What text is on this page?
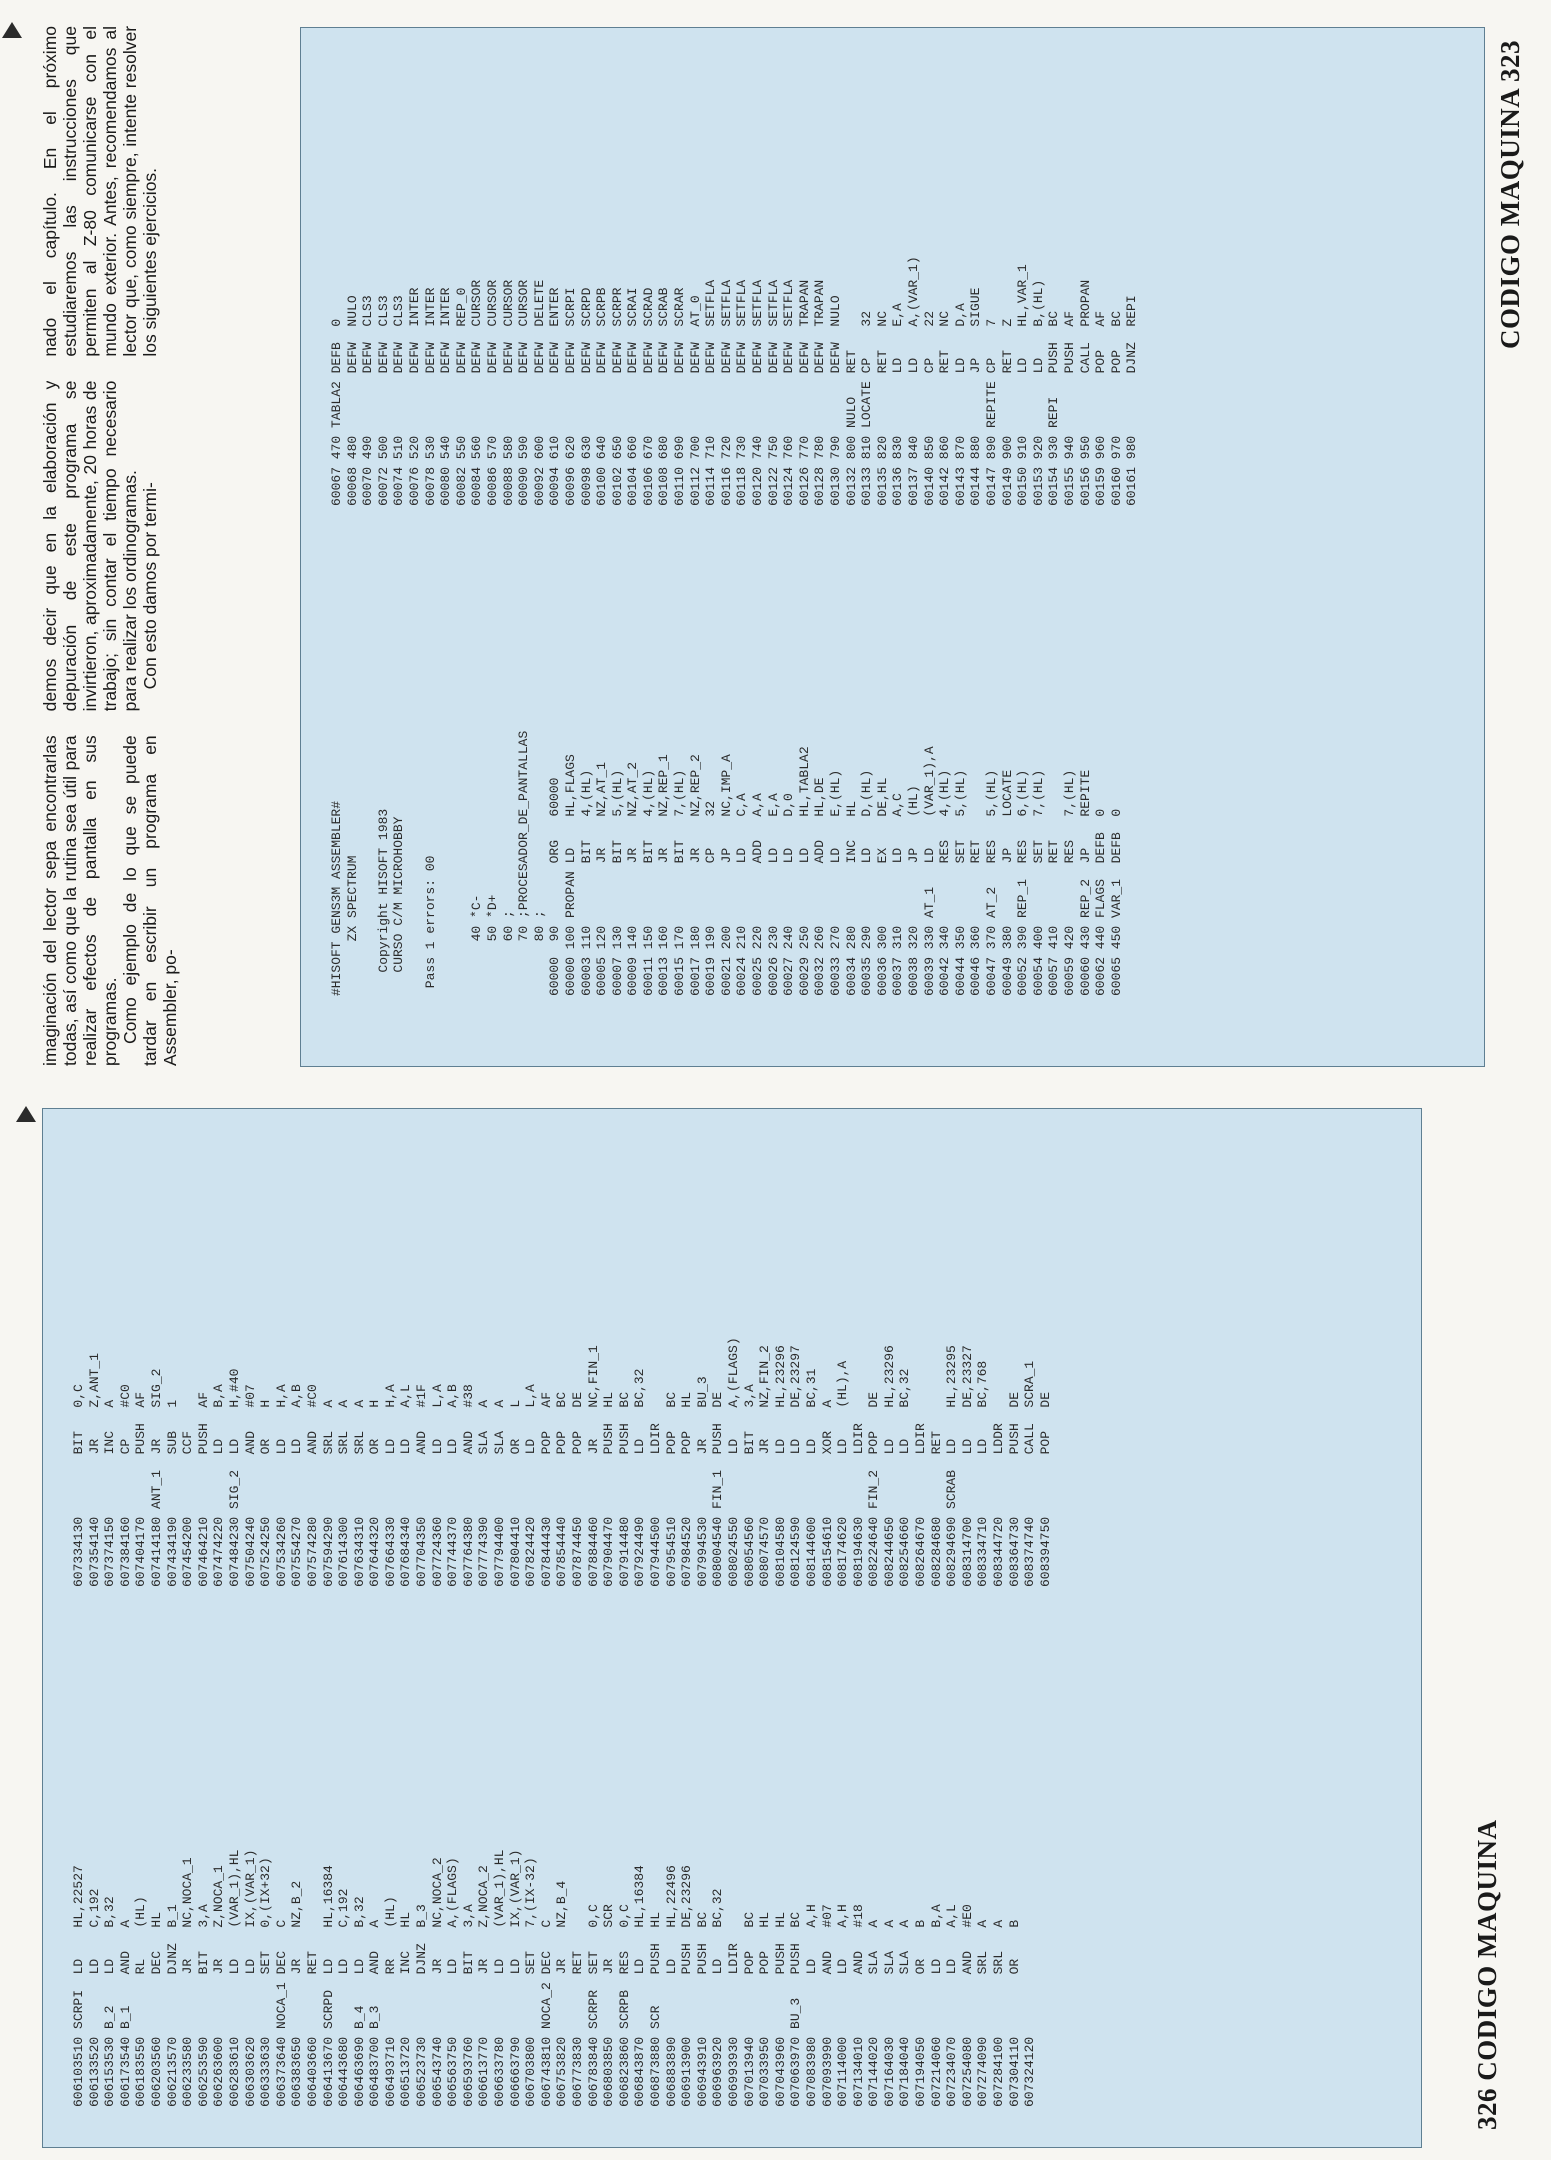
imaginación del lector sepa encontrarlas todas, así como que la rutina sea útil para realizar efectos de pantalla en sus programas. Como ejemplo de lo que se puede tardar en escribir un programa en Assembler, po-

demos decir que en la elaboración y depuración de este programa se invirtieron, aproximadamente, 20 horas de trabajo; sin contar el tiempo necesario para realizar los ordinogramas. Con esto damos por termi-

nado el capítulo. En el próximo estudiaremos las instrucciones que permiten al Z-80 comunicarse con el mundo exterior. Antes, recomendamos al lector que, como siempre, intente resolver los siguientes ejercicios.

#HISOFT GENS3M ASSEMBLER#
ZX SPECTRUM

Copyright HISOFT 1983
CURSO C/M MICROHOBBY

Pass 1 errors: 00

40 *C-
50 *D+
60 ;
70 ;PROCESADOR_DE_PANTALLAS
80 ;
60000  90        ORG   60000
60000 100 PROPAN LD    HL,FLAGS
60003 110        BIT   4,(HL)
60005 120        JR    NZ,AT_1
60007 130        BIT   5,(HL)
60009 140        JR    NZ,AT_2
60011 150        BIT   4,(HL)
60013 160        JR    NZ,REP_1
60015 170        BIT   7,(HL)
60017 180        JR    NZ,REP_2
60019 190        CP    32
60021 200        JP    NC,IMP_A
60024 210        LD    C,A
60025 220        ADD   A,A
60026 230        LD    E,A
60027 240        LD    D,0
60029 250        LD    HL,TABLA2
60032 260        ADD   HL,DE
60033 270        LD    E,(HL)
60034 280        INC   HL
60035 290        LD    D,(HL)
60036 300        EX    DE,HL
60037 310        LD    A,C
60038 320        JP    (HL)
60039 330 AT_1   LD    (VAR_1),A
60042 340        RES   4,(HL)
60044 350        SET   5,(HL)
60046 360        RET
60047 370 AT_2   RES   5,(HL)
60049 380        JP    LOCATE
60052 390 REP_1  RES   6,(HL)
60054 400        SET   7,(HL)
60057 410        RET
60059 420        RES   7,(HL)
60060 430 REP_2  JP    REPITE
60062 440 FLAGS  DEFB  0
60065 450 VAR_1  DEFB  0
60067 470 TABLA2 DEFB  0
60068 480        DEFW  NULO
60070 490        DEFW  CLS3
60072 500        DEFW  CLS3
60074 510        DEFW  CLS3
60076 520        DEFW  INTER
60078 530        DEFW  INTER
60080 540        DEFW  INTER
60082 550        DEFW  REP_0
60084 560        DEFW  CURSOR
60086 570        DEFW  CURSOR
60088 580        DEFW  CURSOR
60090 590        DEFW  CURSOR
60092 600        DEFW  DELETE
60094 610        DEFW  ENTER
60096 620        DEFW  SCRPI
60098 630        DEFW  SCRPD
60100 640        DEFW  SCRPB
60102 650        DEFW  SCRPR
60104 660        DEFW  SCRAI
60106 670        DEFW  SCRAD
60108 680        DEFW  SCRAB
60110 690        DEFW  SCRAR
60112 700        DEFW  AT_0
60114 710        DEFW  SETFLA
60116 720        DEFW  SETFLA
60118 730        DEFW  SETFLA
60120 740        DEFW  SETFLA
60122 750        DEFW  SETFLA
60124 760        DEFW  SETFLA
60126 770        DEFW  TRAPAN
60128 780        DEFW  TRAPAN
60130 790        DEFW  NULO
60132 800 NULO   RET
60133 810 LOCATE CP    32
60135 820        RET   NC
60136 830        LD    E,A
60137 840        LD    A,(VAR_1)
60140 850        CP    22
60142 860        RET   NC
60143 870        LD    D,A
60144 880        JP    SIGUE
60147 890 REPITE CP    7
60149 900        RET   Z
60150 910        LD    HL,VAR_1
60153 920        LD    B,(HL)
60154 930 REPI   PUSH  BC
60155 940        PUSH  AF
60156 950        CALL  PROPAN
60159 960        POP   AF
60160 970        POP   BC
60161 980        DJNZ  REPI	CODIGO MAQUINA 323
606103510 SCRPI  LD    HL,22527
606133520        LD    C,192
606153530 B_2    LD    B,32
606173540 B_1    AND   A
606183550        RL    (HL)
606203560        DEC   HL
606213570        DJNZ  B_1
606233580        JR    NC,NOCA_1
606253590        BIT   3,A
606263600        JR    Z,NOCA_1
606283610        LD    (VAR_1),HL
606303620        LD    IX,(VAR_1)
606333630        SET   0,(IX+32)
606373640 NOCA_1 DEC   C
606383650        JR    NZ,B_2
606403660        RET
606413670 SCRPD  LD    HL,16384
606443680        LD    C,192
606463690 B_4    LD    B,32
606483700 B_3    AND   A
606493710        RR    (HL)
606513720        INC   HL
606523730        DJNZ  B_3
606543740        JR    NC,NOCA_2
606563750        LD    A,(FLAGS)
606593760        BIT   3,A
606613770        JR    Z,NOCA_2
606633780        LD    (VAR_1),HL
606663790        LD    IX,(VAR_1)
606703800        SET   7,(IX-32)
606743810 NOCA_2 DEC   C
606753820        JR    NZ,B_4
606773830        RET
606783840 SCRPR  SET   0,C
606803850        JR    SCR
606823860 SCRPB  RES   0,C
606843870        LD    HL,16384
606873880 SCR    PUSH  HL
606883890        LD    HL,22496
606913900        PUSH  DE,23296
606943910        PUSH  BC
606963920        LD    BC,32
606993930        LDIR
607013940        POP   BC
607033950        POP   HL
607043960        PUSH  HL
607063970 BU_3   PUSH  BC
607083980        LD    A,H
607093990        AND   #07
607114000        LD    A,H
607134010        AND   #18
607144020        SLA   A
607164030        SLA   A
607184040        SLA   A
607194050        OR    B
607214060        LD    B,A
607234070        LD    A,L
607254080        AND   #E0
607274090        SRL   A
607284100        SRL   A
607304110        OR    B
607324120
607334130        BIT   0,C
607354140        JR    Z,ANT_1
607374150        INC   A
607384160        CP    #C0
607404170        PUSH  AF
607414180 ANT_1  JR    SIG_2
607434190        SUB   1
607454200        CCF
607464210        PUSH  AF
607474220        LD    B,A
607484230 SIG_2  LD    H,#40
607504240        AND   #07
607524250        OR    H
607534260        LD    H,A
607554270        LD    A,B
607574280        AND   #C0
607594290        SRL   A
607614300        SRL   A
607634310        SRL   A
607644320        OR    H
607664330        LD    H,A
607684340        LD    A,L
607704350        AND   #1F
607724360        LD    L,A
607744370        LD    A,B
607764380        AND   #38
607774390        SLA   A
607794400        SLA   A
607804410        OR    L
607824420        LD    L,A
607844430        POP   AF
607854440        POP   BC
607874450        POP   DE
607884460        JR    NC,FIN_1
607904470        PUSH  HL
607914480        PUSH  BC
607924490        LD    BC,32
607944500        LDIR
607954510        POP   BC
607984520        POP   HL
607994530        JR    BU_3
608004540 FIN_1  PUSH  DE
608024550        LD    A,(FLAGS)
608054560        BIT   3,A
608074570        JR    NZ,FIN_2
608104580        LD    HL,23296
608124590        LD    DE,23297
608144600        LD    BC,31
608154610        XOR   A
608174620        LD    (HL),A
608194630        LDIR
608224640 FIN_2  POP   DE
608244650        LD    HL,23296
608254660        LD    BC,32
608264670        LDIR
608284680        RET
608294690 SCRAB  LD    HL,23295
608314700        LD    DE,23327
608334710        LD    BC,768
608344720        LDDR
608364730        PUSH  DE
608374740        CALL  SCRA_1
608394750        POP   DE
326 CODIGO MAQUINA
